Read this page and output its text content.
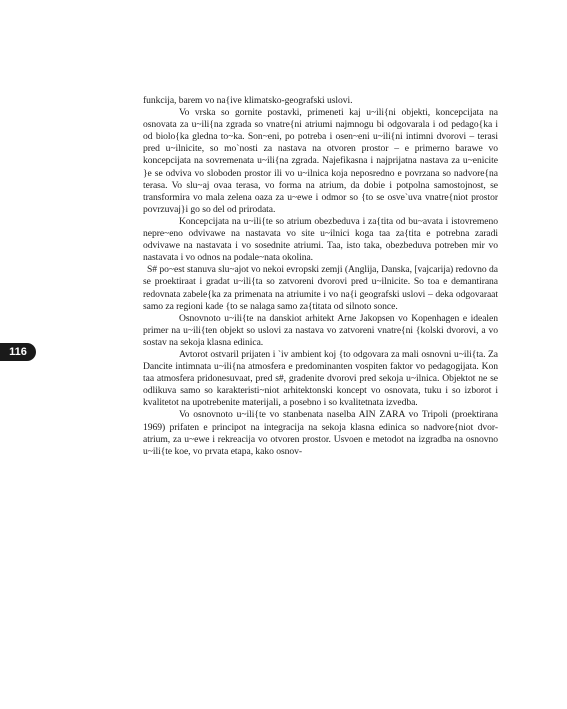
funkcija, barem vo na{ive klimatsko-geografski uslovi.

Vo vrska so gornite postavki, primeneti kaj u~ili{ni objekti, koncepcijata na osnovata za u~ili{na zgrada so vnatre{ni atriumi najmnogu bi odgovarala i od pedago{ka i od biolo{ka gledna to~ka. Son~eni, po potreba i osen~eni u~ili{ni intimni dvorovi – terasi pred u~ilnicite, so mo`nosti za nastava na otvoren prostor – e primerno barawe vo koncepcijata na sovremenata u~ili{na zgrada. Najefikasna i najprijatna nastava za u~enicite }e se odviva vo sloboden prostor ili vo u~ilnica koja neposredno e povrzana so nadvore{na terasa. Vo slu~aj ovaa terasa, vo forma na atrium, da dobie i potpolna samostojnost, se transformira vo mala zelena oaza za u~ewe i odmor so {to se osve`uva vnatre{niot prostor povrzuvaj}i go so del od prirodata.

Koncepcijata na u~ili{te so atrium obezbeduva i za{tita od bu~avata i istovremeno nepre~eno odvivawe na nastavata vo site u~ilnici koga taa za{tita e potrebna zaradi odvivawe na nastavata i vo sosednite atriumi. Taa, isto taka, obezbeduva potreben mir vo nastavata i vo odnos na podale~nata okolina.

S# po~est stanuva slu~ajot vo nekoi evropski zemji (Anglija, Danska, [vajcarija) redovno da se proektiraat i gradat u~ili{ta so zatvoreni dvorovi pred u~ilnicite. So toa e demantirana redovnata zabele{ka za primenata na atriumite i vo na{i geografski uslovi – deka odgovaraat samo za regioni kade {to se nalaga samo za{titata od silnoto sonce.

Osnovnoto u~ili{te na danskiot arhitekt Arne Jakopsen vo Kopenhagen e idealen primer na u~ili{ten objekt so uslovi za nastava vo zatvoreni vnatre{ni {kolski dvorovi, a vo sostav na sekoja klasna edinica.

Avtorot ostvaril prijaten i `iv ambient koj {to odgovara za mali osnovni u~ili{ta. Za Dancite intimnata u~ili{na atmosfera e predominanten vospiten faktor vo pedagogijata. Kon taa atmosfera pridonesuvaat, pred s#, gradenite dvorovi pred sekoja u~ilnica. Objektot ne se odlikuva samo so karakteristi~niot arhitektonski koncept vo osnovata, tuku i so izborot i kvalitetot na upotrebenite materijali, a posebno i so kvalitetnata izvedba.

Vo osnovnoto u~ili{te vo stanbenata naselba AIN ZARA vo Tripoli (proektirana 1969) prifaten e principot na integracija na sekoja klasna edinica so nadvore{niot dvor-atrium, za u~ewe i rekreacija vo otvoren prostor. Usvoen e metodot na izgradba na osnovno u~ili{te koe, vo prvata etapa, kako osnov-

116
